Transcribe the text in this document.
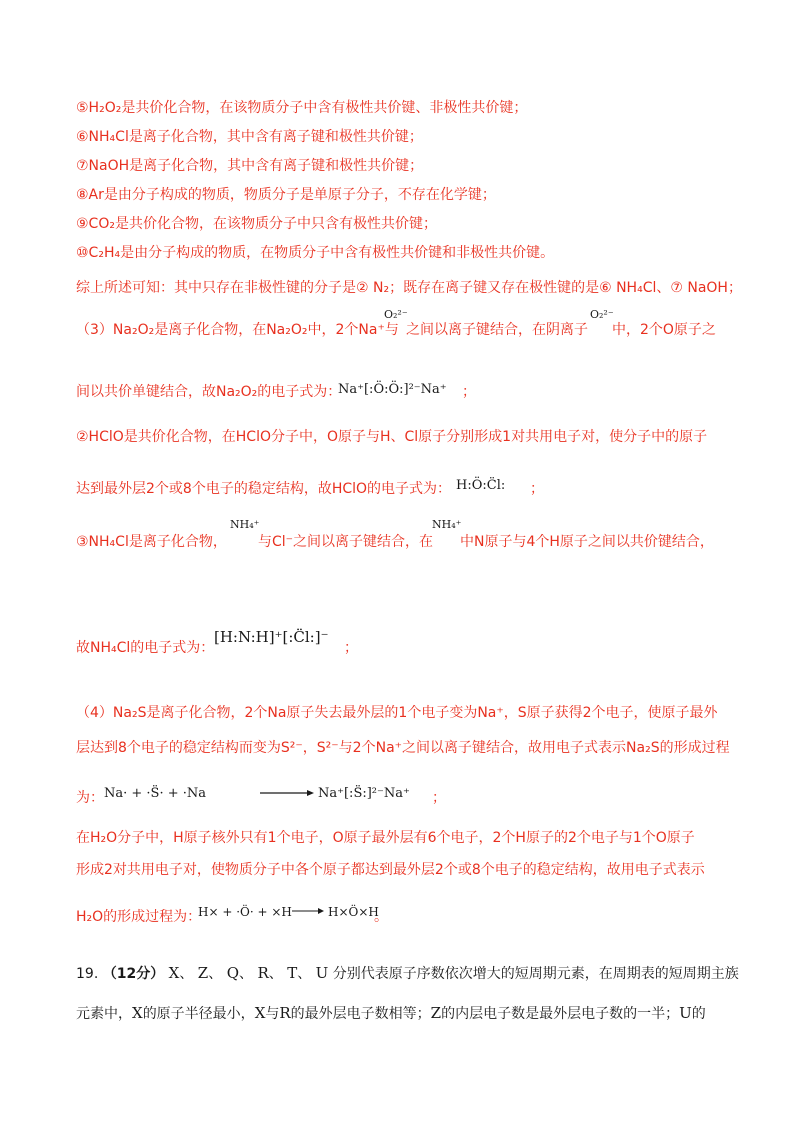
⑤H₂O₂是共价化合物，在该物质分子中含有极性共价键、非极性共价键；
⑥NH₄Cl是离子化合物，其中含有离子键和极性共价键；
⑦NaOH是离子化合物，其中含有离子键和极性共价键；
⑧Ar是由分子构成的物质，物质分子是单原子分子，不存在化学键；
⑨CO₂是共价化合物，在该物质分子中只含有极性共价键；
⑩C₂H₄是由分子构成的物质，在物质分子中含有极性共价键和非极性共价键。
综上所述可知：其中只存在非极性键的分子是② N₂；既存在离子键又存在极性键的是⑥ NH₄Cl、⑦ NaOH；
（3）Na₂O₂是离子化合物，在Na₂O₂中，2个Na⁺与
O₂²⁻
之间以离子键结合，在阴离子
O₂²⁻
中，2个O原子之
间以共价单键结合，故Na₂O₂的电子式为：
Na⁺[:Ö:Ö:]²⁻Na⁺ ；
②HClO是共价化合物，在HClO分子中，O原子与H、Cl原子分别形成1对共用电子对，使分子中的原子
达到最外层2个或8个电子的稳定结构，故HClO的电子式为： H:Ö:C̈l: ；
③NH₄Cl是离子化合物，
NH₄⁺
与Cl⁻之间以离子键结合，在
NH₄⁺
中N原子与4个H原子之间以共价键结合，
故NH₄Cl的电子式为：
[H:N:H]⁺[:C̈l:]⁻
；
（4）Na₂S是离子化合物，2个Na原子失去最外层的1个电子变为Na⁺，S原子获得2个电子，使原子最外
层达到8个电子的稳定结构而变为S²⁻，S²⁻与2个Na⁺之间以离子键结合，故用电子式表示Na₂S的形成过程
为： Na· + ·S̈· + ·Na	Na⁺[:S̈:]²⁻Na⁺ ；
在H₂O分子中，H原子核外只有1个电子，O原子最外层有6个电子，2个H原子的2个电子与1个O原子
形成2对共用电子对，使物质分子中各个原子都达到最外层2个或8个电子的稳定结构，故用电子式表示
H₂O的形成过程为：
H× + ·Ö· + ×H	H×Ö×H
。
19. （12分） X、 Z、 Q、 R、 T、 U 分别代表原子序数依次增大的短周期元素，在周期表的短周期主族
元素中，X的原子半径最小，X与R的最外层电子数相等；Z的内层电子数是最外层电子数的一半；U的
